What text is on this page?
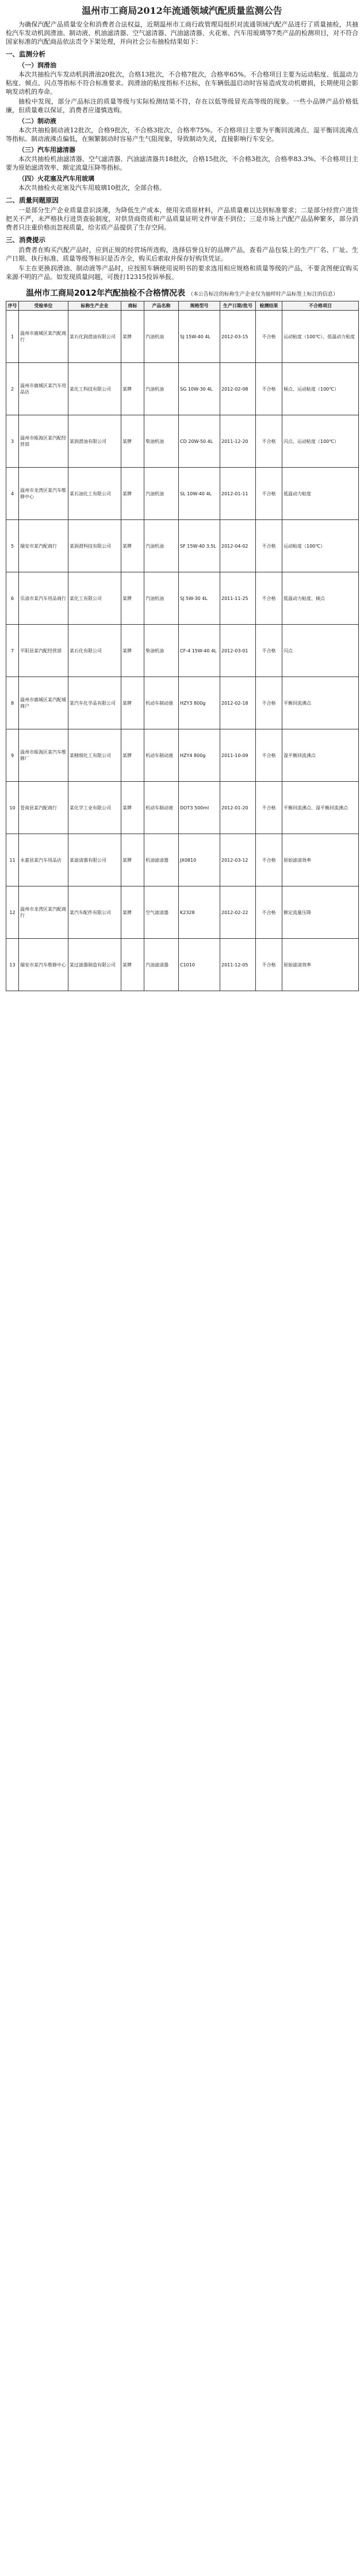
温州市工商局2012年流通领域汽配质量监测公告

为确保汽配产品质量安全和消费者合法权益，近期温州市工商行政管理局组织对流通领域汽配产品进行了质量抽检，共抽检汽车发动机润滑油、制动液、机油滤清器、空气滤清器、汽油滤清器、火花塞、汽车用玻璃等7类产品的检测项目，对不符合国家标准的汽配商品依法责令下架处理，并向社会公布抽检结果如下：

一、监测分析
（一）润滑油

本次共抽检汽车发动机润滑油20批次，合格13批次，不合格7批次，合格率65%。不合格项目主要为运动粘度、低温动力粘度、倾点、闪点等指标不符合标准要求。润滑油的粘度指标不达标，在车辆低温启动时容易造成发动机磨损，长期使用会影响发动机的寿命。

抽检中发现，部分产品标注的质量等级与实际检测结果不符，存在以低等级冒充高等级的现象。一些小品牌产品价格低廉，但质量难以保证，消费者应谨慎选购。

（二）制动液

本次共抽检制动液12批次，合格9批次，不合格3批次，合格率75%。不合格项目主要为平衡回流沸点、湿平衡回流沸点等指标。制动液沸点偏低，在频繁制动时容易产生气阻现象，导致制动失灵，直接影响行车安全。

（三）汽车用滤清器

本次共抽检机油滤清器、空气滤清器、汽油滤清器共18批次，合格15批次，不合格3批次，合格率83.3%。不合格项目主要为原始滤清效率、额定流量压降等指标。

（四）火花塞及汽车用玻璃

本次共抽检火花塞及汽车用玻璃10批次，全部合格。

二、质量问题原因

一是部分生产企业质量意识淡薄，为降低生产成本，使用劣质原材料，产品质量难以达到标准要求；二是部分经营户进货把关不严，未严格执行进货查验制度，对供货商资质和产品质量证明文件审查不到位；三是市场上汽配产品品种繁多，部分消费者只注重价格而忽视质量，给劣质产品提供了生存空间。

三、消费提示

消费者在购买汽配产品时，应到正规的经营场所选购，选择信誉良好的品牌产品，查看产品包装上的生产厂名、厂址、生产日期、执行标准、质量等级等标识是否齐全，购买后索取并保存好购货凭证。

车主在更换润滑油、制动液等产品时，应按照车辆使用说明书的要求选用相应规格和质量等级的产品，不要贪图便宜购买来源不明的产品。如发现质量问题，可拨打12315投诉举报。

温州市工商局2012年汽配抽检不合格情况表 （本公告标注的标称生产企业仅为抽样时产品标签上标注的信息）
序号	受检单位	标称生产企业	商标	产品名称	规格型号	生产日期/批号	检测结果	不合格项目
1	温州市鹿城区某汽配商行	某石化润滑油有限公司	某牌	汽油机油	SJ 15W-40 4L	2012-03-15	不合格	运动粘度（100℃）、低温动力粘度
2	温州市鹿城区某汽车用品店	某化工科技有限公司	某牌	汽油机油	SG 10W-30 4L	2012-02-08	不合格	倾点、运动粘度（100℃）
3	温州市瓯海区某汽配经营部	某润滑油有限公司	某牌	柴油机油	CD 20W-50 4L	2011-12-20	不合格	闪点、运动粘度（100℃）
4	温州市龙湾区某汽车维修中心	某石油化工有限公司	某牌	汽油机油	SL 10W-40 4L	2012-01-11	不合格	低温动力粘度
5	瑞安市某汽配商行	某润滑科技有限公司	某牌	汽油机油	SF 15W-40 3.5L	2012-04-02	不合格	运动粘度（100℃）
6	乐清市某汽车用品商行	某化工有限公司	某牌	汽油机油	SJ 5W-30 4L	2011-11-25	不合格	低温动力粘度、倾点
7	平阳县某汽配经营部	某石化有限公司	某牌	柴油机油	CF-4 15W-40 4L	2012-03-01	不合格	闪点
8	温州市鹿城区某汽配城商户	某汽车化学品有限公司	某牌	机动车制动液	HZY3 800g	2012-02-18	不合格	平衡回流沸点
9	温州市瓯海区某汽车维修厂	某精细化工有限公司	某牌	机动车制动液	HZY4 800g	2011-10-09	不合格	湿平衡回流沸点
10	苍南县某汽配商行	某化学工业有限公司	某牌	机动车制动液	DOT3 500ml	2012-01-20	不合格	平衡回流沸点、湿平衡回流沸点
11	永嘉县某汽车用品店	某滤清器有限公司	某牌	机油滤清器	JX0810	2012-03-12	不合格	原始滤清效率
12	温州市龙湾区某汽配商行	某汽车配件有限公司	某牌	空气滤清器	K2328	2012-02-22	不合格	额定流量压降
13	瑞安市某汽车维修中心	某过滤器制造有限公司	某牌	汽油滤清器	C1010	2011-12-05	不合格	原始滤清效率
